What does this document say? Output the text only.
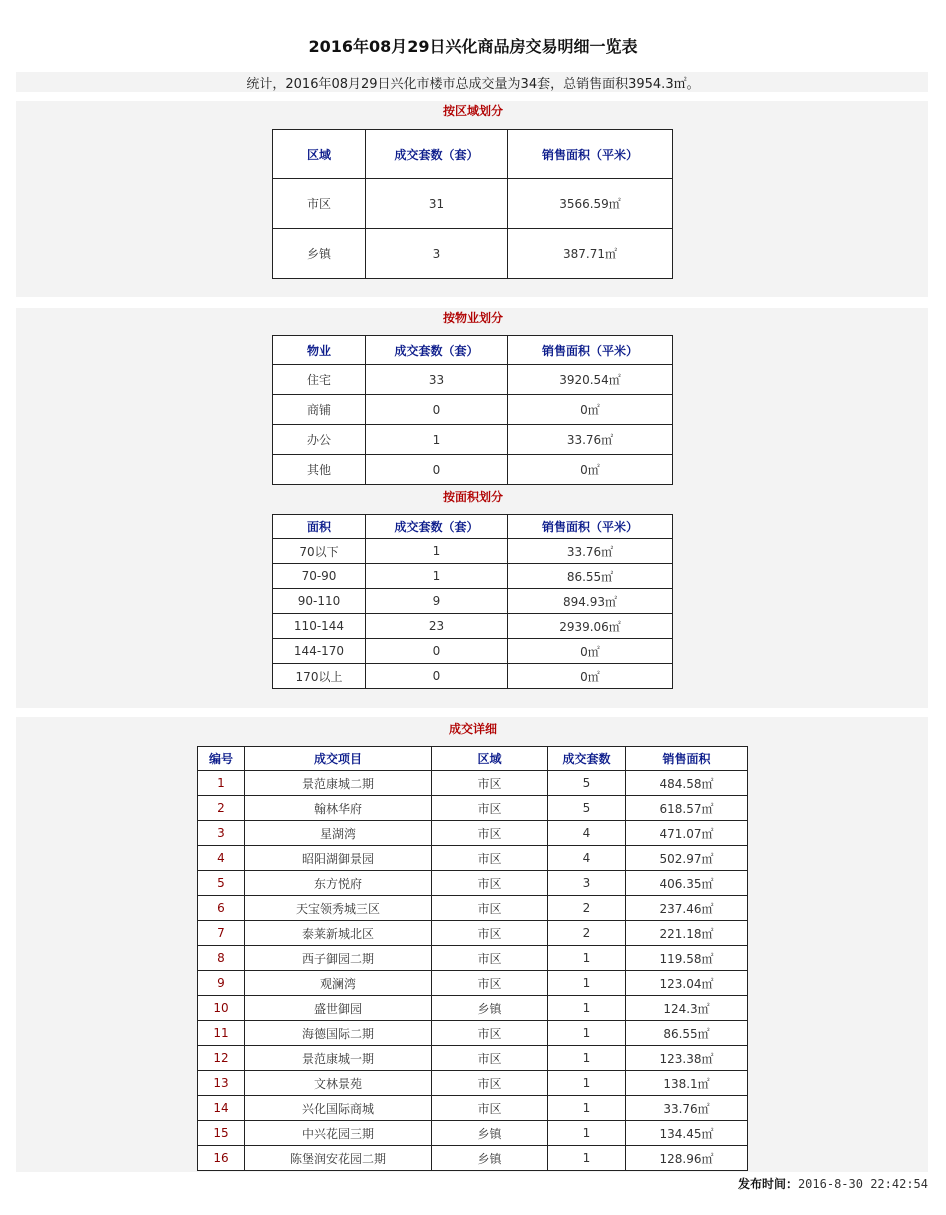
2016年08月29日兴化商品房交易明细一览表
统计，2016年08月29日兴化市楼市总成交量为34套，总销售面积3954.3㎡。
按区域划分
区域	成交套数（套）	销售面积（平米）
市区	31	3566.59㎡
乡镇	3	387.71㎡
按物业划分
物业	成交套数（套）	销售面积（平米）
住宅	33	3920.54㎡
商铺	0	0㎡
办公	1	33.76㎡
其他	0	0㎡
按面积划分
面积	成交套数（套）	销售面积（平米）
70以下	1	33.76㎡
70-90	1	86.55㎡
90-110	9	894.93㎡
110-144	23	2939.06㎡
144-170	0	0㎡
170以上	0	0㎡
成交详细
编号	成交项目	区域	成交套数	销售面积
1	景范康城二期	市区	5	484.58㎡
2	翰林华府	市区	5	618.57㎡
3	星湖湾	市区	4	471.07㎡
4	昭阳湖御景园	市区	4	502.97㎡
5	东方悦府	市区	3	406.35㎡
6	天宝领秀城三区	市区	2	237.46㎡
7	泰莱新城北区	市区	2	221.18㎡
8	西子御园二期	市区	1	119.58㎡
9	观澜湾	市区	1	123.04㎡
10	盛世御园	乡镇	1	124.3㎡
11	海德国际二期	市区	1	86.55㎡
12	景范康城一期	市区	1	123.38㎡
13	文林景苑	市区	1	138.1㎡
14	兴化国际商城	市区	1	33.76㎡
15	中兴花园三期	乡镇	1	134.45㎡
16	陈堡润安花园二期	乡镇	1	128.96㎡
发布时间：2016-8-30 22:42:54
